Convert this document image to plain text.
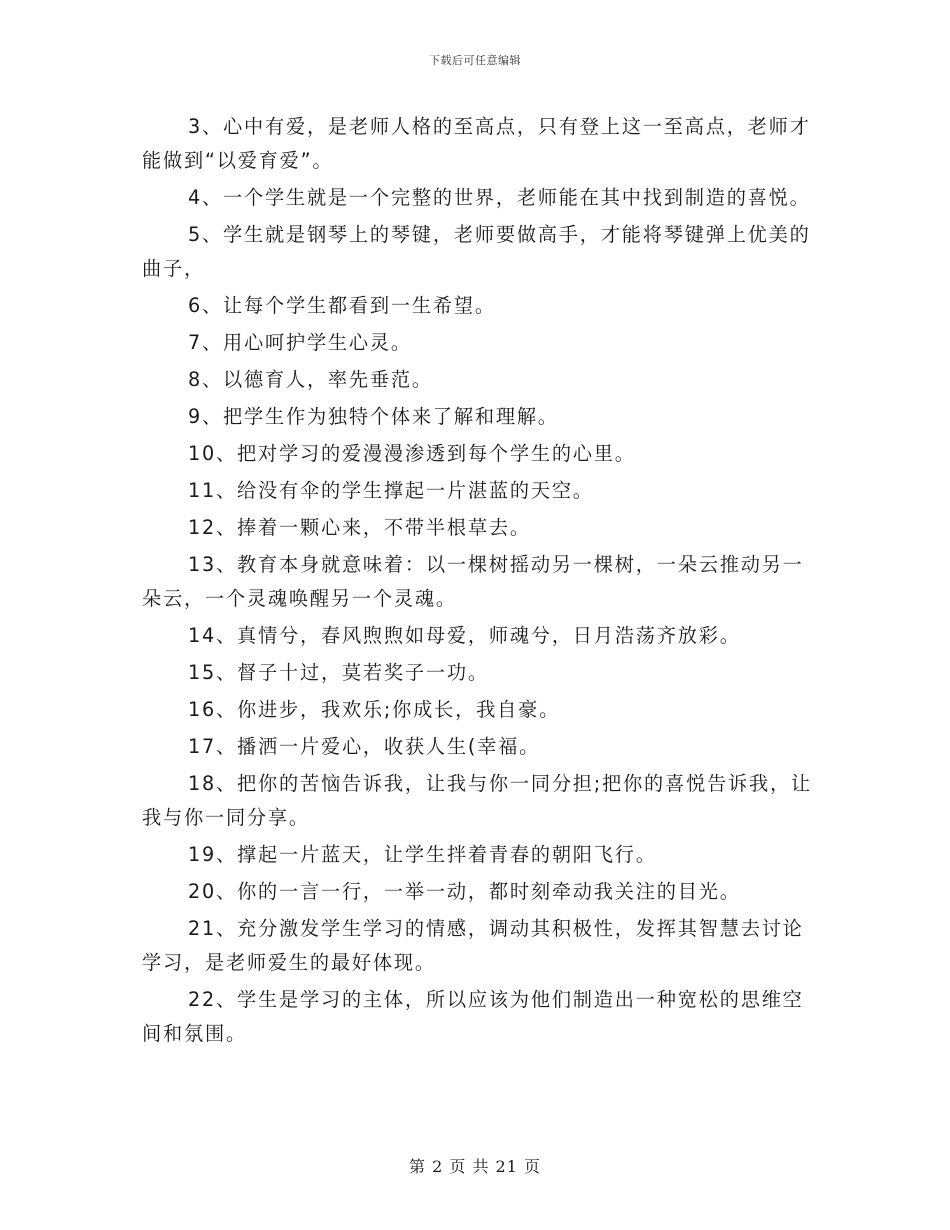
下载后可任意编辑

3、心中有爱，是老师人格的至高点，只有登上这一至高点，老师才能做到“以爱育爱”。

4、一个学生就是一个完整的世界，老师能在其中找到制造的喜悦。

5、学生就是钢琴上的琴键，老师要做高手，才能将琴键弹上优美的曲子，

6、让每个学生都看到一生希望。

7、用心呵护学生心灵。

8、以德育人，率先垂范。

9、把学生作为独特个体来了解和理解。

10、把对学习的爱漫漫渗透到每个学生的心里。

11、给没有伞的学生撑起一片湛蓝的天空。

12、捧着一颗心来，不带半根草去。

13、教育本身就意味着：以一棵树摇动另一棵树，一朵云推动另一朵云，一个灵魂唤醒另一个灵魂。

14、真情兮，春风煦煦如母爱，师魂兮，日月浩荡齐放彩。

15、督子十过，莫若奖子一功。

16、你进步，我欢乐;你成长，我自豪。

17、播洒一片爱心，收获人生(幸福。

18、把你的苦恼告诉我，让我与你一同分担;把你的喜悦告诉我，让我与你一同分享。

19、撑起一片蓝天，让学生拌着青春的朝阳飞行。

20、你的一言一行，一举一动，都时刻牵动我关注的目光。

21、充分激发学生学习的情感，调动其积极性，发挥其智慧去讨论学习，是老师爱生的最好体现。

22、学生是学习的主体，所以应该为他们制造出一种宽松的思维空间和氛围。

第 2 页 共 21 页
